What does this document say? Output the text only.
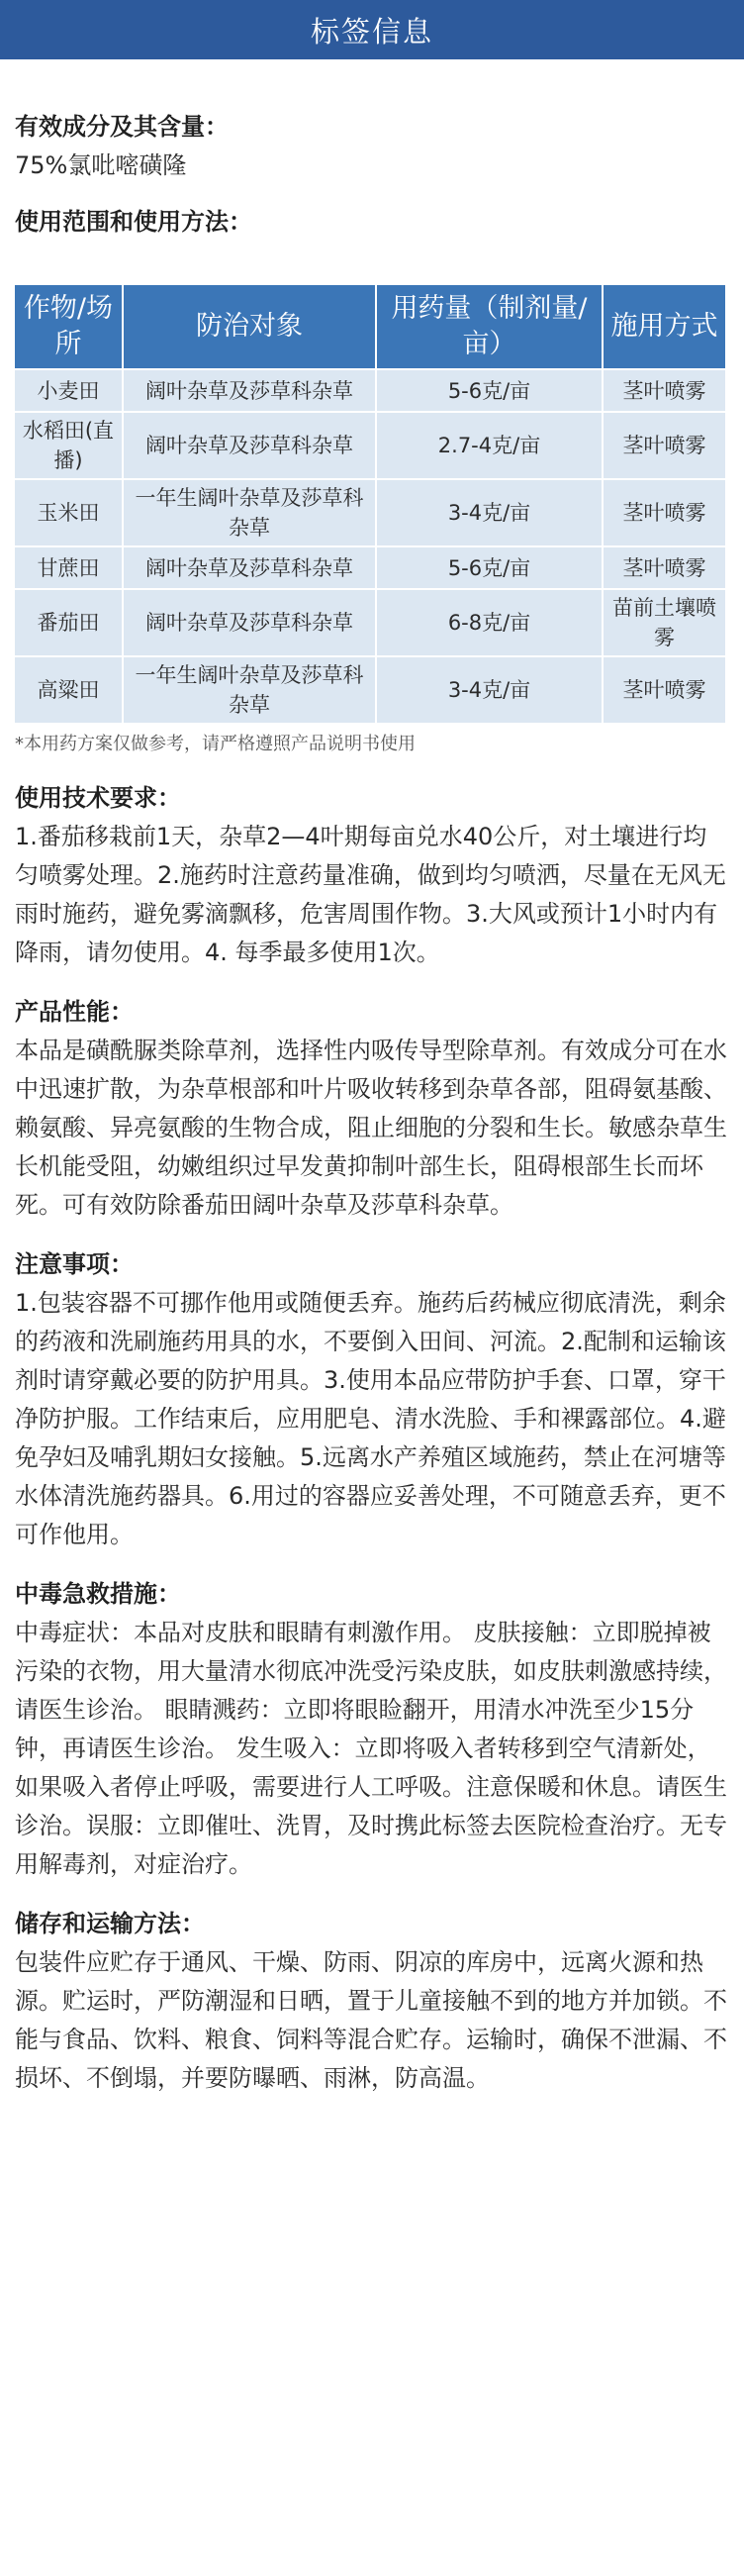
标签信息

有效成分及其含量：

75%氯吡嘧磺隆

使用范围和使用方法：

作物/场所	防治对象	用药量（制剂量/亩）	施用方式
小麦田	阔叶杂草及莎草科杂草	5-6克/亩	茎叶喷雾
水稻田(直播)	阔叶杂草及莎草科杂草	2.7-4克/亩	茎叶喷雾
玉米田	一年生阔叶杂草及莎草科杂草	3-4克/亩	茎叶喷雾
甘蔗田	阔叶杂草及莎草科杂草	5-6克/亩	茎叶喷雾
番茄田	阔叶杂草及莎草科杂草	6-8克/亩	苗前土壤喷雾
高粱田	一年生阔叶杂草及莎草科杂草	3-4克/亩	茎叶喷雾

*本用药方案仅做参考，请严格遵照产品说明书使用

使用技术要求：

1.番茄移栽前1天，杂草2—4叶期每亩兑水40公斤，对土壤进行均匀喷雾处理。2.施药时注意药量准确，做到均匀喷洒，尽量在无风无雨时施药，避免雾滴飘移，危害周围作物。3.大风或预计1小时内有降雨，请勿使用。4. 每季最多使用1次。

产品性能：

本品是磺酰脲类除草剂，选择性内吸传导型除草剂。有效成分可在水中迅速扩散，为杂草根部和叶片吸收转移到杂草各部，阻碍氨基酸、赖氨酸、异亮氨酸的生物合成，阻止细胞的分裂和生长。敏感杂草生长机能受阻，幼嫩组织过早发黄抑制叶部生长，阻碍根部生长而坏死。可有效防除番茄田阔叶杂草及莎草科杂草。

注意事项：

1.包装容器不可挪作他用或随便丢弃。施药后药械应彻底清洗，剩余的药液和洗刷施药用具的水，不要倒入田间、河流。2.配制和运输该剂时请穿戴必要的防护用具。3.使用本品应带防护手套、口罩，穿干净防护服。工作结束后，应用肥皂、清水洗脸、手和裸露部位。4.避免孕妇及哺乳期妇女接触。5.远离水产养殖区域施药，禁止在河塘等水体清洗施药器具。6.用过的容器应妥善处理，不可随意丢弃，更不可作他用。

中毒急救措施：

中毒症状：本品对皮肤和眼睛有刺激作用。 皮肤接触：立即脱掉被污染的衣物，用大量清水彻底冲洗受污染皮肤，如皮肤刺激感持续，请医生诊治。 眼睛溅药：立即将眼睑翻开，用清水冲洗至少15分钟，再请医生诊治。 发生吸入：立即将吸入者转移到空气清新处，如果吸入者停止呼吸，需要进行人工呼吸。注意保暖和休息。请医生诊治。误服：立即催吐、洗胃，及时携此标签去医院检查治疗。无专用解毒剂，对症治疗。

储存和运输方法：

包装件应贮存于通风、干燥、防雨、阴凉的库房中，远离火源和热源。贮运时，严防潮湿和日晒，置于儿童接触不到的地方并加锁。不能与食品、饮料、粮食、饲料等混合贮存。运输时，确保不泄漏、不损坏、不倒塌，并要防曝晒、雨淋，防高温。
